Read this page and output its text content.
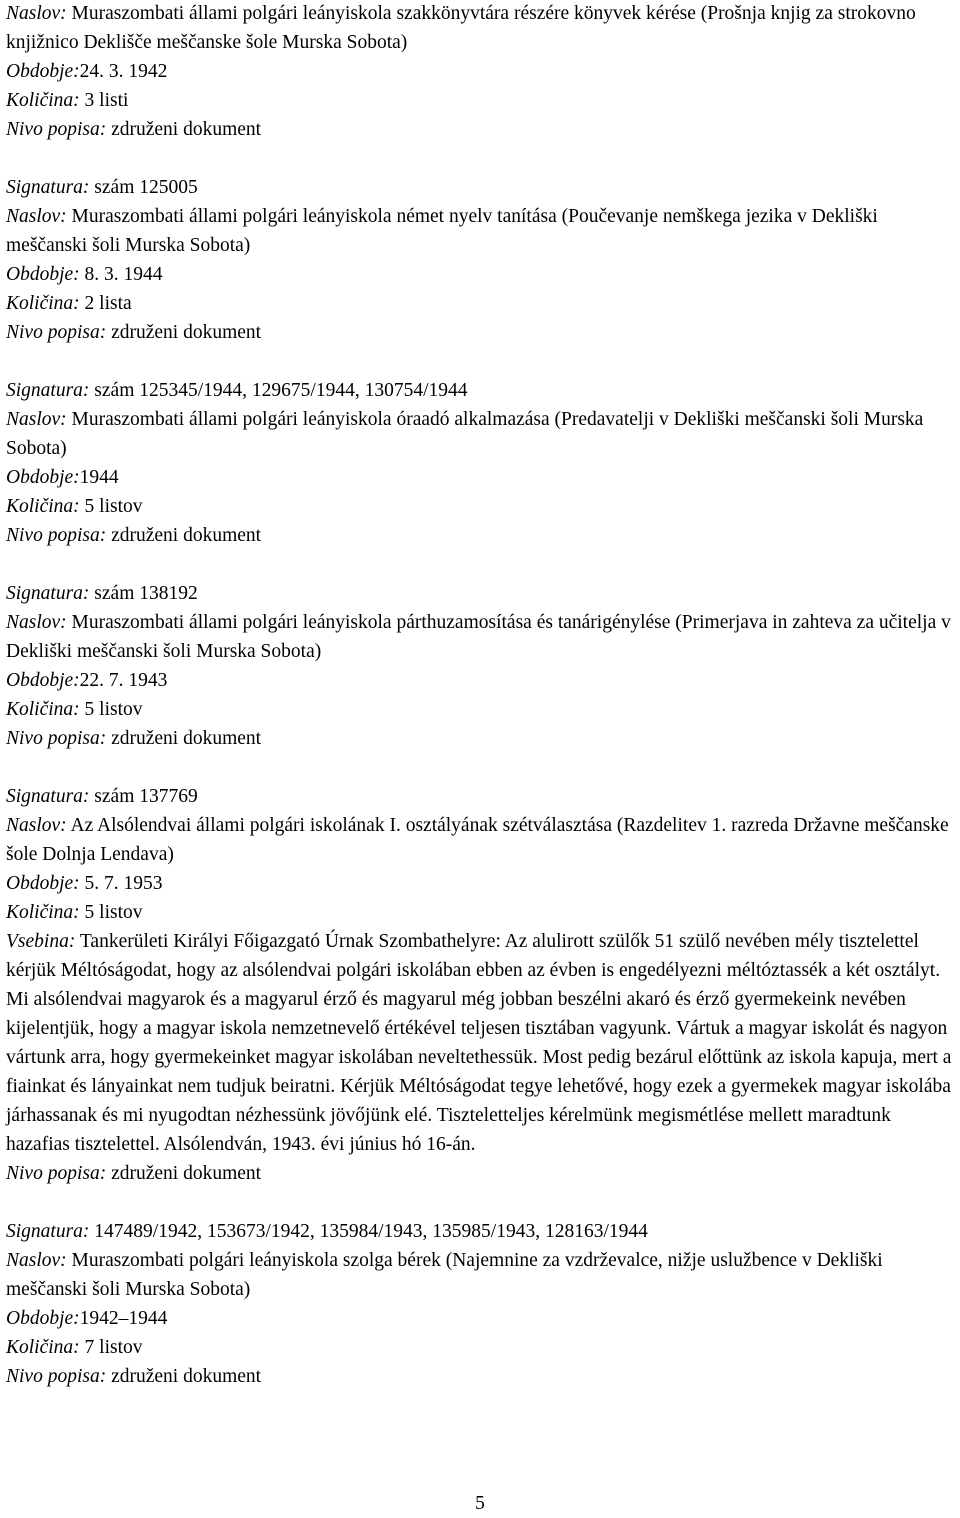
Naslov: Muraszombati állami polgári leányiskola szakkönyvtára részére könyvek kérése (Prošnja knjig za strokovno knjižnico Deklišče meščanske šole Murska Sobota)

Obdobje:24. 3. 1942

Količina: 3 listi

Nivo popisa: združeni dokument

Signatura: szám 125005

Naslov: Muraszombati állami polgári leányiskola német nyelv tanítása (Poučevanje nemškega jezika v Dekliški meščanski šoli Murska Sobota)

Obdobje: 8. 3. 1944

Količina: 2 lista

Nivo popisa: združeni dokument

Signatura: szám 125345/1944, 129675/1944, 130754/1944

Naslov: Muraszombati állami polgári leányiskola óraadó alkalmazása (Predavatelji v Dekliški meščanski šoli Murska Sobota)

Obdobje:1944

Količina: 5 listov

Nivo popisa: združeni dokument

Signatura: szám 138192

Naslov: Muraszombati állami polgári leányiskola párthuzamosítása és tanárigénylése (Primerjava in zahteva za učitelja v Dekliški meščanski šoli Murska Sobota)

Obdobje:22. 7. 1943

Količina: 5 listov

Nivo popisa: združeni dokument

Signatura: szám 137769

Naslov: Az Alsólendvai állami polgári iskolának I. osztályának szétválasztása (Razdelitev 1. razreda Državne meščanske šole Dolnja Lendava)

Obdobje: 5. 7. 1953

Količina: 5 listov

Vsebina: Tankerületi Királyi Főigazgató Úrnak Szombathelyre: Az alulirott szülők 51 szülő nevében mély tisztelettel kérjük Méltóságodat, hogy az alsólendvai polgári iskolában ebben az évben is engedélyezni méltóztassék a két osztályt. Mi alsólendvai magyarok és a magyarul érző és magyarul még jobban beszélni akaró és érző gyermekeink nevében kijelentjük, hogy a magyar iskola nemzetnevelő értékével teljesen tisztában vagyunk. Vártuk a magyar iskolát és nagyon vártunk arra, hogy gyermekeinket magyar iskolában neveltethessük. Most pedig bezárul előttünk az iskola kapuja, mert a fiainkat és lányainkat nem tudjuk beiratni. Kérjük Méltóságodat tegye lehetővé, hogy ezek a gyermekek magyar iskolába járhassanak és mi nyugodtan nézhessünk jövőjünk elé. Tiszteletteljes kérelmünk megismétlése mellett maradtunk hazafias tisztelettel. Alsólendván, 1943. évi június hó 16-án.

Nivo popisa: združeni dokument

Signatura: 147489/1942, 153673/1942, 135984/1943, 135985/1943, 128163/1944

Naslov: Muraszombati polgári leányiskola szolga bérek (Najemnine za vzdrževalce, nižje uslužbence v Dekliški meščanski šoli Murska Sobota)

Obdobje:1942–1944

Količina: 7 listov

Nivo popisa: združeni dokument

5
